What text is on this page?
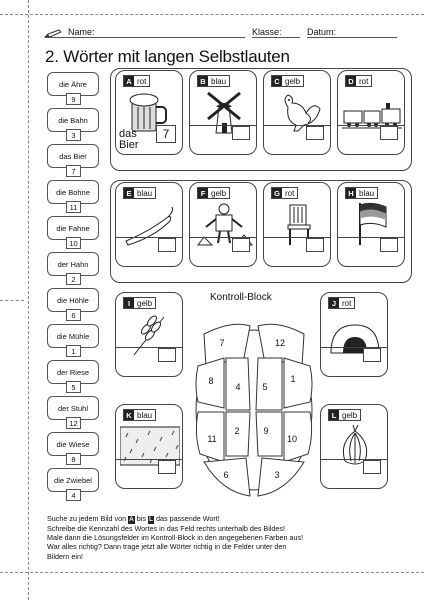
Name:	Klasse:	Datum:
2. Wörter mit langen Selbstlauten
die Ähre
9
die Bahn
3
das Bier
7
die Bohne
11
die Fahne
10
der Hahn
2
die Höhle
6
die Mühle
1
der Riese
5
der Stuhl
12
die Wiese
8
die Zwiebel
4
A rot
7
das Bier
B blau	C gelb	D rot
E blau	F gelb	G rot	H blau
I gelb	J rot
K blau	L gelb
Kontroll-Block
7	12
8
4 5
1
11
2	9
10
6	3

Suche zu jedem Bild von A bis L das passende Wort!

Schreibe die Kennzahl des Wortes in das Feld rechts unterhalb des Bildes!

Male dann die Lösungsfelder im Kontroll-Block in den angegebenen Farben aus!

War alles richtig? Dann trage jetzt alle Wörter richtig in die Felder unter den

Bildern ein!
